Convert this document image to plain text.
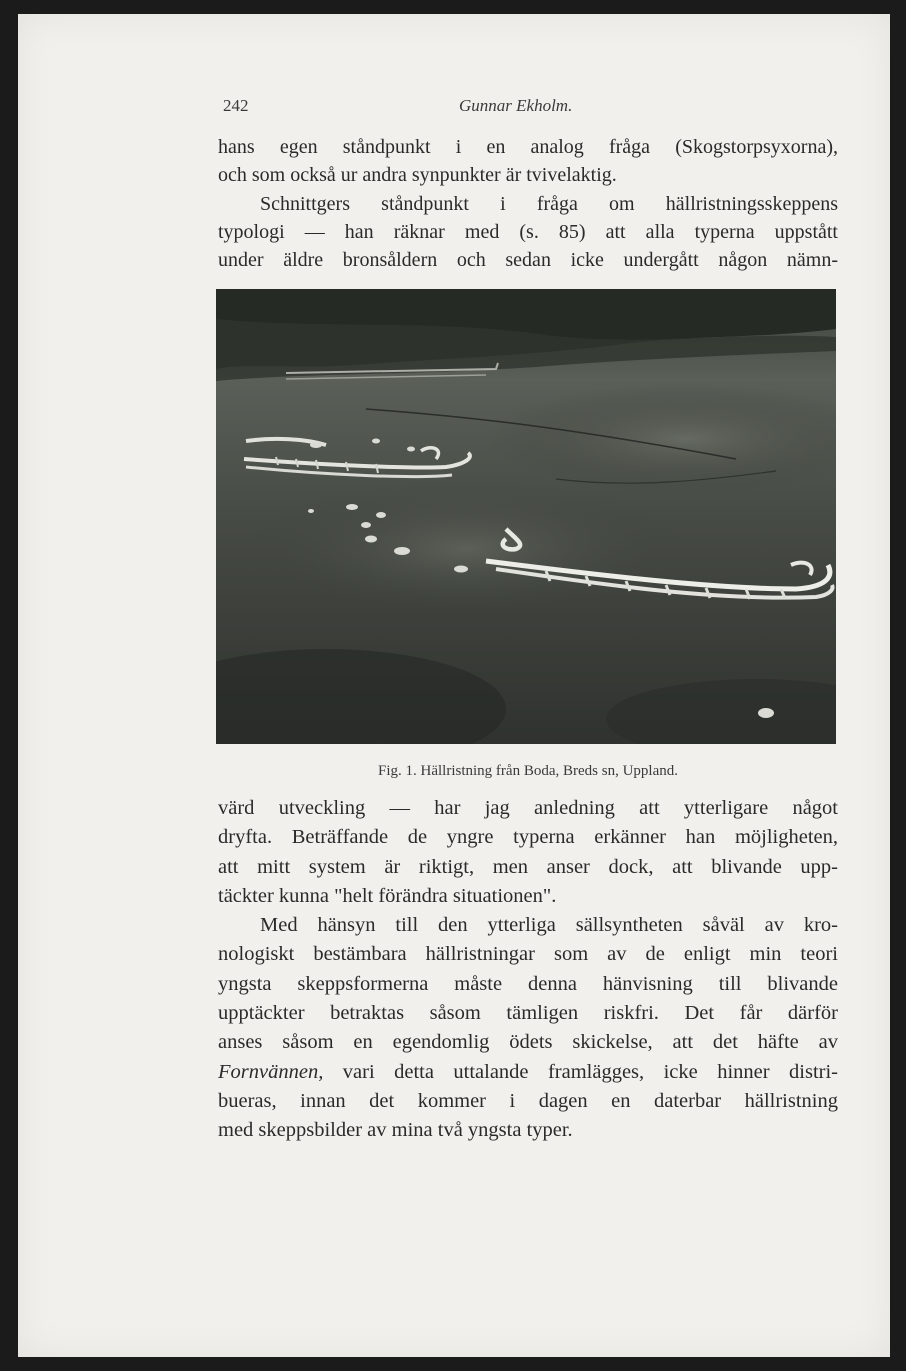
242	Gunnar Ekholm.

hans egen ståndpunkt i en analog fråga (Skogstorpsyxorna),
och som också ur andra synpunkter är tvivelaktig.

Schnittgers ståndpunkt i fråga om hällristningsskeppens
typologi — han räknar med (s. 85) att alla typerna uppstått
under äldre bronsåldern och sedan icke undergått någon nämn-

Fig. 1. Hällristning från Boda, Breds sn, Uppland.

värd utveckling — har jag anledning att ytterligare något
dryfta. Beträffande de yngre typerna erkänner han möjligheten,
att mitt system är riktigt, men anser dock, att blivande upp-
täckter kunna "helt förändra situationen".

Med hänsyn till den ytterliga sällsyntheten såväl av kro-
nologiskt bestämbara hällristningar som av de enligt min teori
yngsta skeppsformerna måste denna hänvisning till blivande
upptäckter betraktas såsom tämligen riskfri. Det får därför
anses såsom en egendomlig ödets skickelse, att det häfte av
Fornvännen, vari detta uttalande framlägges, icke hinner distri-
bueras, innan det kommer i dagen en daterbar hällristning
med skeppsbilder av mina två yngsta typer.
